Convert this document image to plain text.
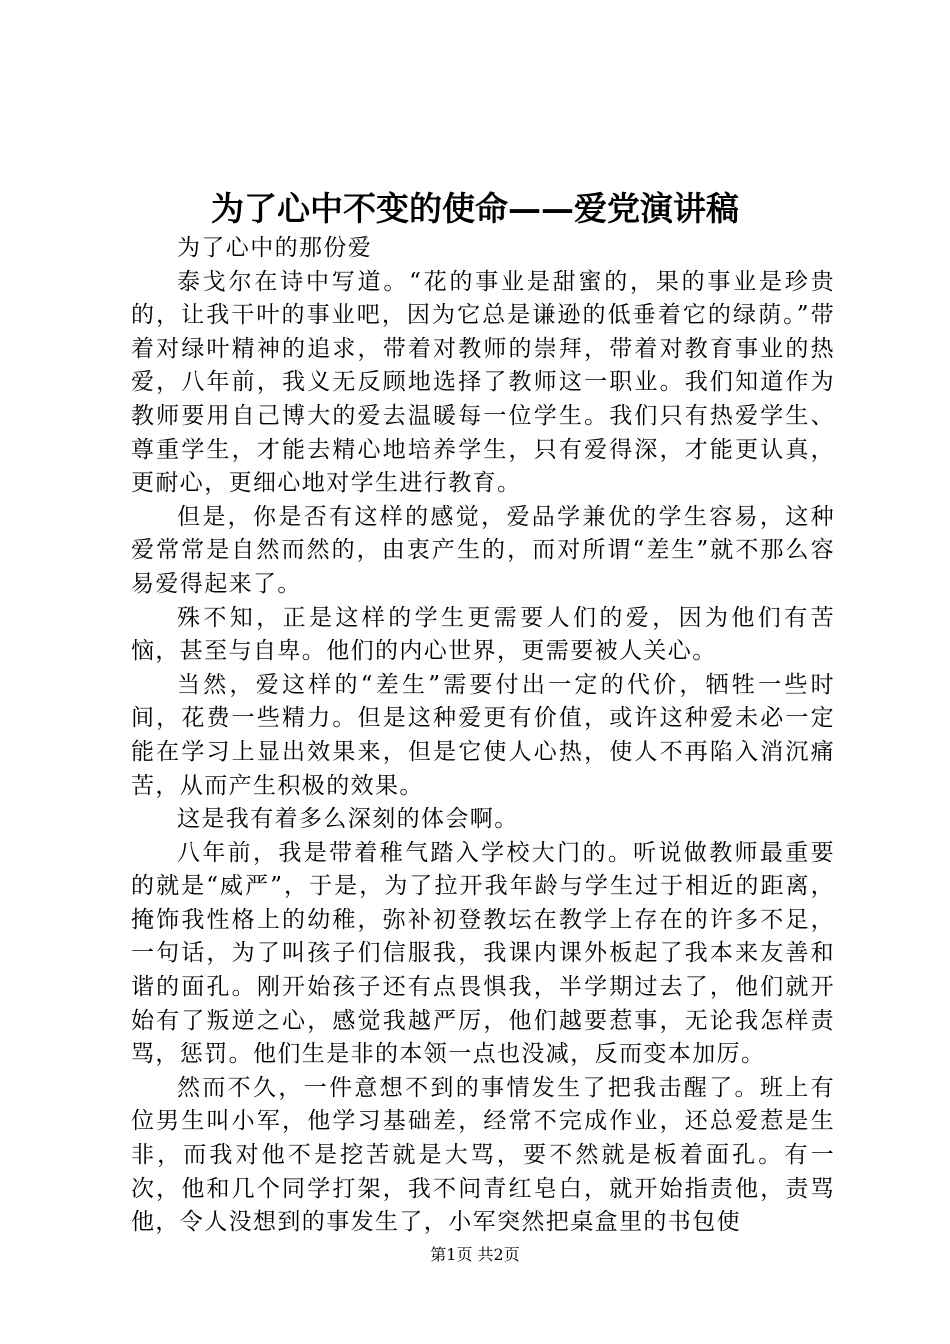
为了心中不变的使命——爱党演讲稿

为了心中的那份爱

泰戈尔在诗中写道。“花的事业是甜蜜的，果的事业是珍贵的，让我干叶的事业吧，因为它总是谦逊的低垂着它的绿荫。”带着对绿叶精神的追求，带着对教师的崇拜，带着对教育事业的热爱，八年前，我义无反顾地选择了教师这一职业。我们知道作为教师要用自己博大的爱去温暖每一位学生。我们只有热爱学生、尊重学生，才能去精心地培养学生，只有爱得深，才能更认真，更耐心，更细心地对学生进行教育。

但是，你是否有这样的感觉，爱品学兼优的学生容易，这种爱常常是自然而然的，由衷产生的，而对所谓“差生”就不那么容易爱得起来了。

殊不知，正是这样的学生更需要人们的爱，因为他们有苦恼，甚至与自卑。他们的内心世界，更需要被人关心。

当然，爱这样的“差生”需要付出一定的代价，牺牲一些时间，花费一些精力。但是这种爱更有价值，或许这种爱未必一定能在学习上显出效果来，但是它使人心热，使人不再陷入消沉痛苦，从而产生积极的效果。

这是我有着多么深刻的体会啊。

八年前，我是带着稚气踏入学校大门的。听说做教师最重要的就是“威严”，于是，为了拉开我年龄与学生过于相近的距离，掩饰我性格上的幼稚，弥补初登教坛在教学上存在的许多不足，一句话，为了叫孩子们信服我，我课内课外板起了我本来友善和谐的面孔。刚开始孩子还有点畏惧我，半学期过去了，他们就开始有了叛逆之心，感觉我越严厉，他们越要惹事，无论我怎样责骂，惩罚。他们生是非的本领一点也没减，反而变本加厉。

然而不久，一件意想不到的事情发生了把我击醒了。班上有位男生叫小军，他学习基础差，经常不完成作业，还总爱惹是生非，而我对他不是挖苦就是大骂，要不然就是板着面孔。有一次，他和几个同学打架，我不问青红皂白，就开始指责他，责骂他，令人没想到的事发生了，小军突然把桌盒里的书包使

第1页 共2页
